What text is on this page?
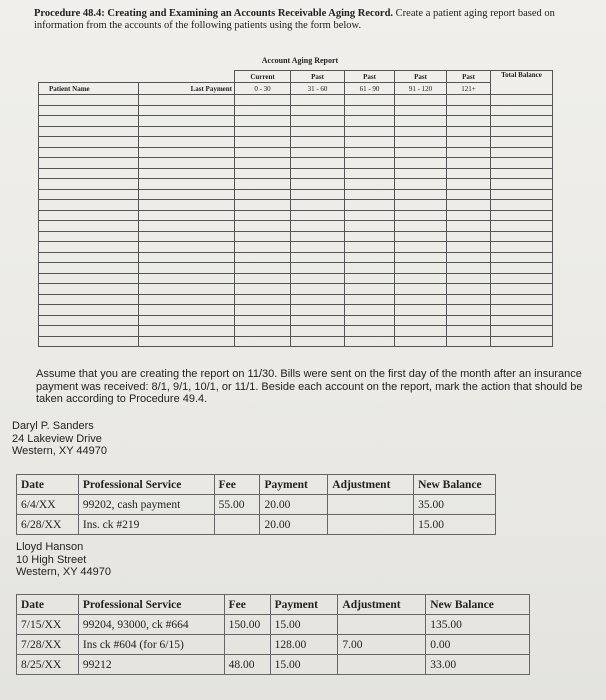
Procedure 48.4: Creating and Examining an Accounts Receivable Aging Record. Create a patient aging report based on information from the accounts of the following patients using the form below.
Account Aging Report
		Current	Past	Past	Past	Past	Total Balance
Patient Name	Last Payment	0 - 30	31 - 60	61 - 90	91 - 120	121+	

Assume that you are creating the report on 11/30. Bills were sent on the first day of the month after an insurance payment was received: 8/1, 9/1, 10/1, or 11/1. Beside each account on the report, mark the action that should be taken according to Procedure 49.4.
Daryl P. Sanders
24 Lakeview Drive
Western, XY 44970
Date	Professional Service	Fee	Payment	Adjustment	New Balance
6/4/XX	99202, cash payment	55.00	20.00		35.00
6/28/XX	Ins. ck #219		20.00		15.00
Lloyd Hanson
10 High Street
Western, XY 44970
Date	Professional Service	Fee	Payment	Adjustment	New Balance
7/15/XX	99204, 93000, ck #664	150.00	15.00		135.00
7/28/XX	Ins ck #604 (for 6/15)		128.00	7.00	0.00
8/25/XX	99212	48.00	15.00		33.00
